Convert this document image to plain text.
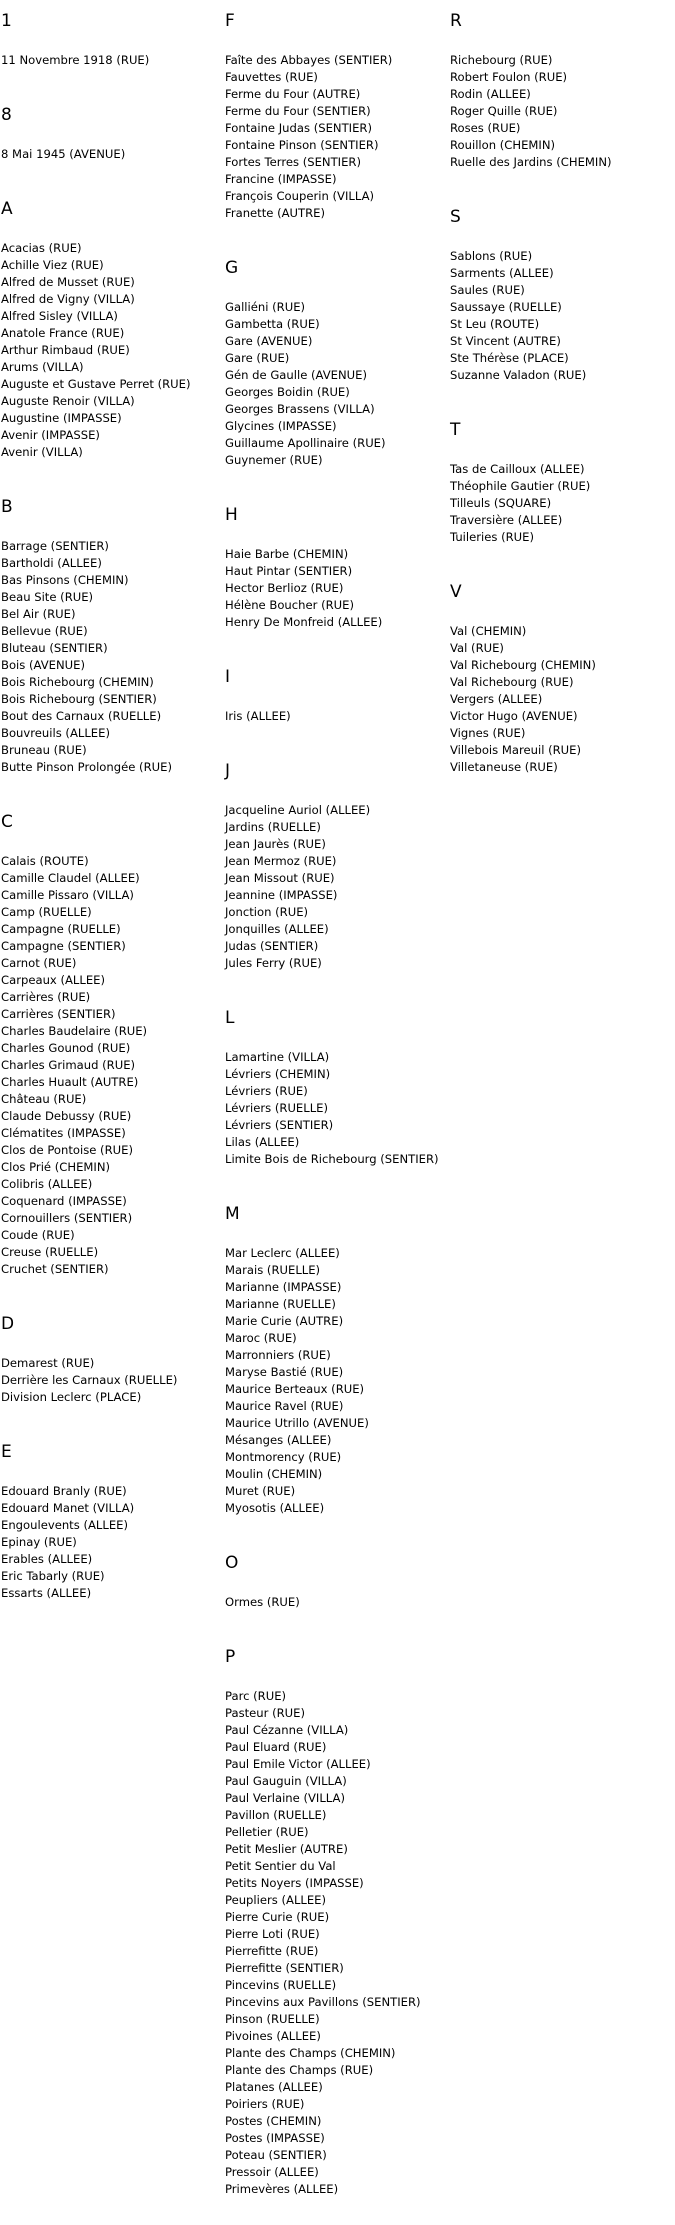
1
11 Novembre 1918 (RUE)
8
8 Mai 1945 (AVENUE)
A
Acacias (RUE)
Achille Viez (RUE)
Alfred de Musset (RUE)
Alfred de Vigny (VILLA)
Alfred Sisley (VILLA)
Anatole France (RUE)
Arthur Rimbaud (RUE)
Arums (VILLA)
Auguste et Gustave Perret (RUE)
Auguste Renoir (VILLA)
Augustine (IMPASSE)
Avenir (IMPASSE)
Avenir (VILLA)
B
Barrage (SENTIER)
Bartholdi (ALLEE)
Bas Pinsons (CHEMIN)
Beau Site (RUE)
Bel Air (RUE)
Bellevue (RUE)
Bluteau (SENTIER)
Bois (AVENUE)
Bois Richebourg (CHEMIN)
Bois Richebourg (SENTIER)
Bout des Carnaux (RUELLE)
Bouvreuils (ALLEE)
Bruneau (RUE)
Butte Pinson Prolongée (RUE)
C
Calais (ROUTE)
Camille Claudel (ALLEE)
Camille Pissaro (VILLA)
Camp (RUELLE)
Campagne (RUELLE)
Campagne (SENTIER)
Carnot (RUE)
Carpeaux (ALLEE)
Carrières (RUE)
Carrières (SENTIER)
Charles Baudelaire (RUE)
Charles Gounod (RUE)
Charles Grimaud (RUE)
Charles Huault (AUTRE)
Château (RUE)
Claude Debussy (RUE)
Clématites (IMPASSE)
Clos de Pontoise (RUE)
Clos Prié (CHEMIN)
Colibris (ALLEE)
Coquenard (IMPASSE)
Cornouillers (SENTIER)
Coude (RUE)
Creuse (RUELLE)
Cruchet (SENTIER)
D
Demarest (RUE)
Derrière les Carnaux (RUELLE)
Division Leclerc (PLACE)
E
Edouard Branly (RUE)
Edouard Manet (VILLA)
Engoulevents (ALLEE)
Epinay (RUE)
Erables (ALLEE)
Eric Tabarly (RUE)
Essarts (ALLEE)
F
Faîte des Abbayes (SENTIER)
Fauvettes (RUE)
Ferme du Four (AUTRE)
Ferme du Four (SENTIER)
Fontaine Judas (SENTIER)
Fontaine Pinson (SENTIER)
Fortes Terres (SENTIER)
Francine (IMPASSE)
François Couperin (VILLA)
Franette (AUTRE)
G
Galliéni (RUE)
Gambetta (RUE)
Gare (AVENUE)
Gare (RUE)
Gén de Gaulle (AVENUE)
Georges Boidin (RUE)
Georges Brassens (VILLA)
Glycines (IMPASSE)
Guillaume Apollinaire (RUE)
Guynemer (RUE)
H
Haie Barbe (CHEMIN)
Haut Pintar (SENTIER)
Hector Berlioz (RUE)
Hélène Boucher (RUE)
Henry De Monfreid (ALLEE)
I
Iris (ALLEE)
J
Jacqueline Auriol (ALLEE)
Jardins (RUELLE)
Jean Jaurès (RUE)
Jean Mermoz (RUE)
Jean Missout (RUE)
Jeannine (IMPASSE)
Jonction (RUE)
Jonquilles (ALLEE)
Judas (SENTIER)
Jules Ferry (RUE)
L
Lamartine (VILLA)
Lévriers (CHEMIN)
Lévriers (RUE)
Lévriers (RUELLE)
Lévriers (SENTIER)
Lilas (ALLEE)
Limite Bois de Richebourg (SENTIER)
M
Mar Leclerc (ALLEE)
Marais (RUELLE)
Marianne (IMPASSE)
Marianne (RUELLE)
Marie Curie (AUTRE)
Maroc (RUE)
Marronniers (RUE)
Maryse Bastié (RUE)
Maurice Berteaux (RUE)
Maurice Ravel (RUE)
Maurice Utrillo (AVENUE)
Mésanges (ALLEE)
Montmorency (RUE)
Moulin (CHEMIN)
Muret (RUE)
Myosotis (ALLEE)
O
Ormes (RUE)
P
Parc (RUE)
Pasteur (RUE)
Paul Cézanne (VILLA)
Paul Eluard (RUE)
Paul Emile Victor (ALLEE)
Paul Gauguin (VILLA)
Paul Verlaine (VILLA)
Pavillon (RUELLE)
Pelletier (RUE)
Petit Meslier (AUTRE)
Petit Sentier du Val
Petits Noyers (IMPASSE)
Peupliers (ALLEE)
Pierre Curie (RUE)
Pierre Loti (RUE)
Pierrefitte (RUE)
Pierrefitte (SENTIER)
Pincevins (RUELLE)
Pincevins aux Pavillons (SENTIER)
Pinson (RUELLE)
Pivoines (ALLEE)
Plante des Champs (CHEMIN)
Plante des Champs (RUE)
Platanes (ALLEE)
Poiriers (RUE)
Postes (CHEMIN)
Postes (IMPASSE)
Poteau (SENTIER)
Pressoir (ALLEE)
Primevères (ALLEE)
R
Richebourg (RUE)
Robert Foulon (RUE)
Rodin (ALLEE)
Roger Quille (RUE)
Roses (RUE)
Rouillon (CHEMIN)
Ruelle des Jardins (CHEMIN)
S
Sablons (RUE)
Sarments (ALLEE)
Saules (RUE)
Saussaye (RUELLE)
St Leu (ROUTE)
St Vincent (AUTRE)
Ste Thérèse (PLACE)
Suzanne Valadon (RUE)
T
Tas de Cailloux (ALLEE)
Théophile Gautier (RUE)
Tilleuls (SQUARE)
Traversière (ALLEE)
Tuileries (RUE)
V
Val (CHEMIN)
Val (RUE)
Val Richebourg (CHEMIN)
Val Richebourg (RUE)
Vergers (ALLEE)
Victor Hugo (AVENUE)
Vignes (RUE)
Villebois Mareuil (RUE)
Villetaneuse (RUE)
